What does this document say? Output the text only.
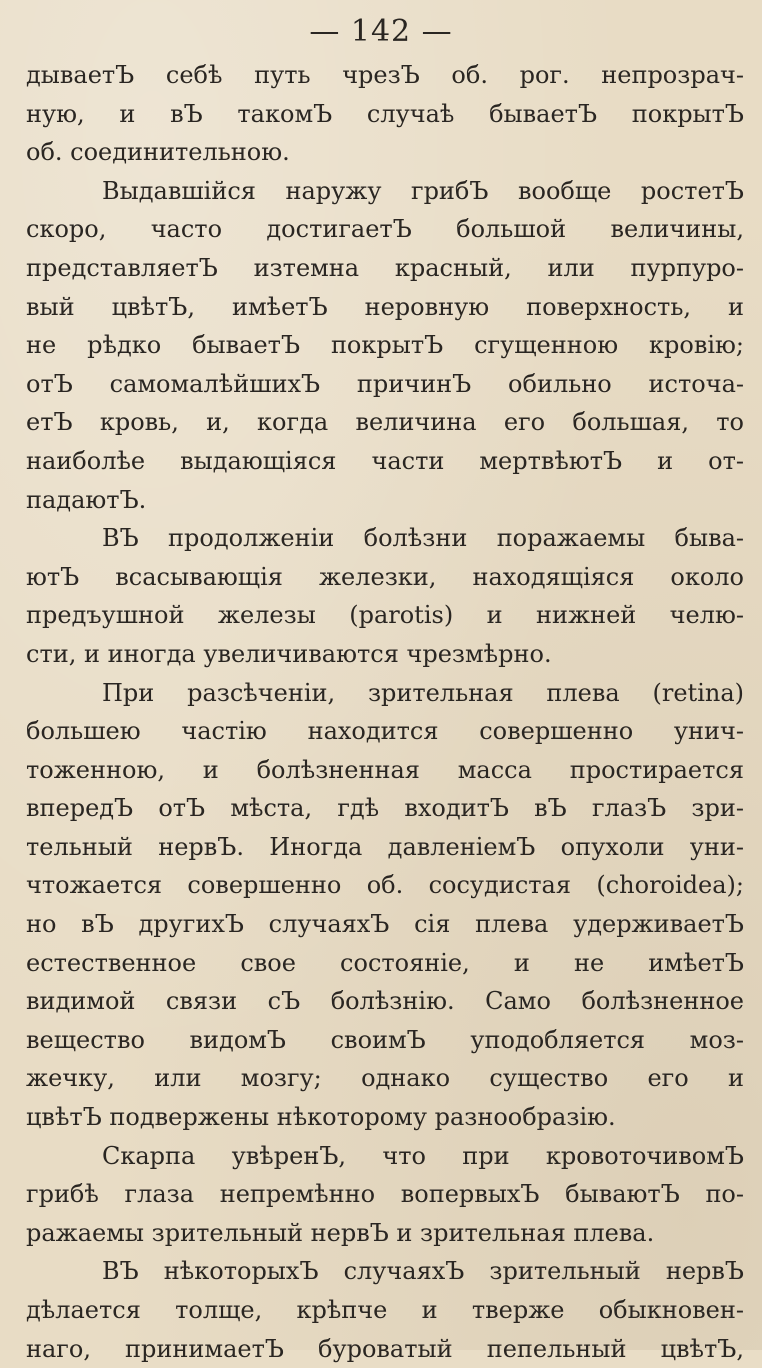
— 142 —
дываетЪ себѣ путь чрезЪ об. рог. непрозрач-
ную, и вЪ такомЪ случаѣ бываетЪ покрытЪ
об. соединительною.
Выдавшійся наружу грибЪ вообще ростетЪ
скоро, часто достигаетЪ большой величины,
представляетЪ изтемна красный, или пурпуро-
вый цвѣтЪ, имѣетЪ неровную поверхность, и
не рѣдко бываетЪ покрытЪ сгущенною кровію;
отЪ самомалѣйшихЪ причинЪ обильно источа-
етЪ кровь, и, когда величина его большая, то
наиболѣе выдающіяся части мертвѣютЪ и от-
падаютЪ.
ВЪ продолженіи болѣзни поражаемы быва-
ютЪ всасывающія железки, находящіяся около
предъушной железы (parotis) и нижней челю-
сти, и иногда увеличиваются чрезмѣрно.
При разсѣченіи, зрительная плева (retina)
большею частію находится совершенно унич-
тоженною, и болѣзненная масса простирается
впередЪ отЪ мѣста, гдѣ входитЪ вЪ глазЪ зри-
тельный нервЪ. Иногда давленіемЪ опухоли уни-
чтожается совершенно об. сосудистая (choroidea);
но вЪ другихЪ случаяхЪ сія плева удерживаетЪ
естественное свое состояніе, и не имѣетЪ
видимой связи сЪ болѣзнію. Само болѣзненное
вещество видомЪ своимЪ уподобляется моз-
жечку, или мозгу; однако существо его и
цвѣтЪ подвержены нѣкоторому разнообразію.
Скарпа увѣренЪ, что при кровоточивомЪ
грибѣ глаза непремѣнно вопервыхЪ бываютЪ по-
ражаемы зрительный нервЪ и зрительная плева.
ВЪ нѣкоторыхЪ случаяхЪ зрительный нервЪ
дѣлается толще, крѣпче и тверже обыкновен-
наго, принимаетЪ буроватый пепельный цвѣтЪ,
